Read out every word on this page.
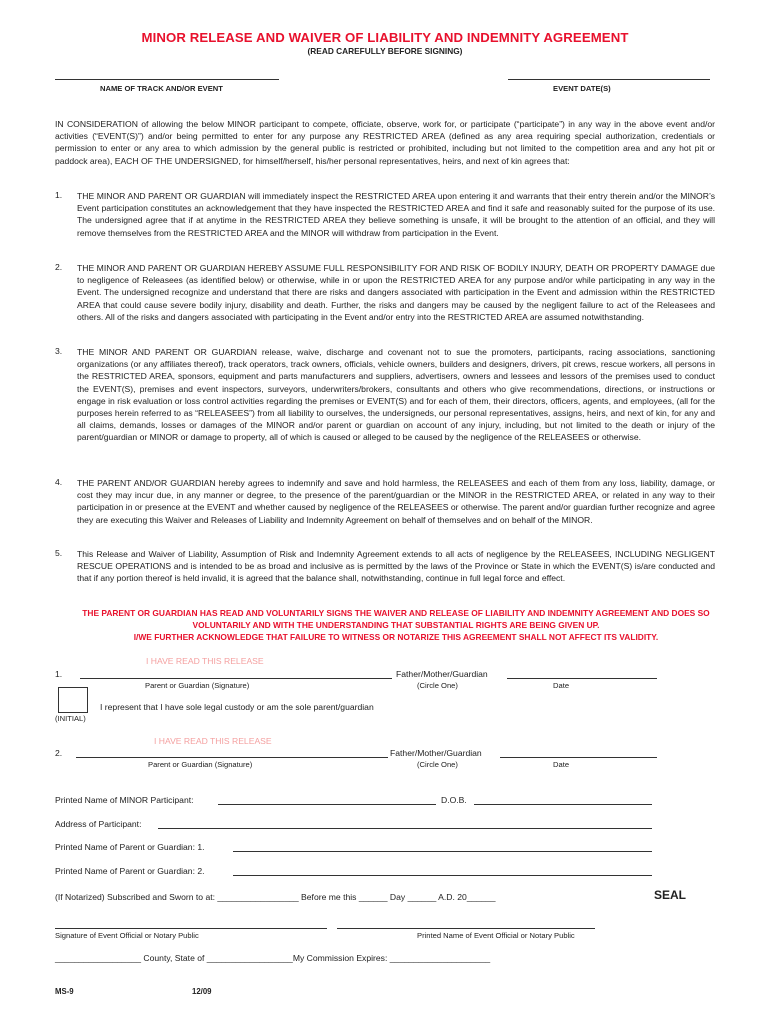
MINOR RELEASE AND WAIVER OF LIABILITY AND INDEMNITY AGREEMENT
(READ CAREFULLY BEFORE SIGNING)
NAME OF TRACK AND/OR EVENT	EVENT DATE(S)

IN CONSIDERATION of allowing the below MINOR participant to compete, officiate, observe, work for, or participate (“participate”) in any way in the above event and/or activities (“EVENT(S)”) and/or being permitted to enter for any purpose any RESTRICTED AREA (defined as any area requiring special authorization, credentials or permission to enter or any area to which admission by the general public is restricted or prohibited, including but not limited to the competition area and any hot pit or paddock area), EACH OF THE UNDERSIGNED, for himself/herself, his/her personal representatives, heirs, and next of kin agrees that:

1. THE MINOR AND PARENT OR GUARDIAN will immediately inspect the RESTRICTED AREA upon entering it and warrants that their entry therein and/or the MINOR’s Event participation constitutes an acknowledgement that they have inspected the RESTRICTED AREA and find it safe and reasonably suited for the purpose of its use. The undersigned agree that if at anytime in the RESTRICTED AREA they believe something is unsafe, it will be brought to the attention of an official, and they will remove themselves from the RESTRICTED AREA and the MINOR will withdraw from participation in the Event.

2. THE MINOR AND PARENT OR GUARDIAN HEREBY ASSUME FULL RESPONSIBILITY FOR AND RISK OF BODILY INJURY, DEATH OR PROPERTY DAMAGE due to negligence of Releasees (as identified below) or otherwise, while in or upon the RESTRICTED AREA for any purpose and/or while participating in any way in the Event. The undersigned recognize and understand that there are risks and dangers associated with participation in the Event and admission within the RESTRICTED AREA that could cause severe bodily injury, disability and death. Further, the risks and dangers may be caused by the negligent failure to act of the Releasees and others. All of the risks and dangers associated with participating in the Event and/or entry into the RESTRICTED AREA are assumed notwithstanding.

3. THE MINOR AND PARENT OR GUARDIAN release, waive, discharge and covenant not to sue the promoters, participants, racing associations, sanctioning organizations (or any affiliates thereof), track operators, track owners, officials, vehicle owners, builders and designers, drivers, pit crews, rescue workers, all persons in the RESTRICTED AREA, sponsors, equipment and parts manufacturers and suppliers, advertisers, owners and lessees and lessors of the premises used to conduct the EVENT(S), premises and event inspectors, surveyors, underwriters/brokers, consultants and others who give recommendations, directions, or instructions or engage in risk evaluation or loss control activities regarding the premises or EVENT(S) and for each of them, their directors, officers, agents, and employees, (all for the purposes herein referred to as “RELEASEES”) from all liability to ourselves, the undersigneds, our personal representatives, assigns, heirs, and next of kin, for any and all claims, demands, losses or damages of the MINOR and/or parent or guardian on account of any injury, including, but not limited to the death or injury of the parent/guardian or MINOR or damage to property, all of which is caused or alleged to be caused by the negligence of the RELEASEES or otherwise.

4. THE PARENT AND/OR GUARDIAN hereby agrees to indemnify and save and hold harmless, the RELEASEES and each of them from any loss, liability, damage, or cost they may incur due, in any manner or degree, to the presence of the parent/guardian or the MINOR in the RESTRICTED AREA, or related in any way to their participation in or presence at the EVENT and whether caused by negligence of the RELEASEES or otherwise. The parent and/or guardian further recognize and agree they are executing this Waiver and Releases of Liability and Indemnity Agreement on behalf of themselves and on behalf of the MINOR.

5. This Release and Waiver of Liability, Assumption of Risk and Indemnity Agreement extends to all acts of negligence by the RELEASEES, INCLUDING NEGLIGENT RESCUE OPERATIONS and is intended to be as broad and inclusive as is permitted by the laws of the Province or State in which the EVENT(S) is/are conducted and that if any portion thereof is held invalid, it is agreed that the balance shall, notwithstanding, continue in full legal force and effect.

THE PARENT OR GUARDIAN HAS READ AND VOLUNTARILY SIGNS THE WAIVER AND RELEASE OF LIABILITY AND INDEMNITY AGREEMENT AND DOES SO VOLUNTARILY AND WITH THE UNDERSTANDING THAT SUBSTANTIAL RIGHTS ARE BEING GIVEN UP.

I/WE FURTHER ACKNOWLEDGE THAT FAILURE TO WITNESS OR NOTARIZE THIS AGREEMENT SHALL NOT AFFECT ITS VALIDITY.

I HAVE READ THIS RELEASE
1.	Father/Mother/Guardian
Parent or Guardian (Signature)	(Circle One)	Date
I represent that I have sole legal custody or am the sole parent/guardian
(INITIAL)
I HAVE READ THIS RELEASE
2.	Father/Mother/Guardian
Parent or Guardian (Signature)	(Circle One)	Date
Printed Name of MINOR Participant:	D.O.B.
Address of Participant:
Printed Name of Parent or Guardian: 1.
Printed Name of Parent or Guardian: 2.
(If Notarized) Subscribed and Sworn to at: _________________ Before me this ______ Day ______ A.D. 20______	SEAL
Signature of Event Official or Notary Public	Printed Name of Event Official or Notary Public
__________________ County, State of __________________My Commission Expires: _____________________
MS-9	12/09
